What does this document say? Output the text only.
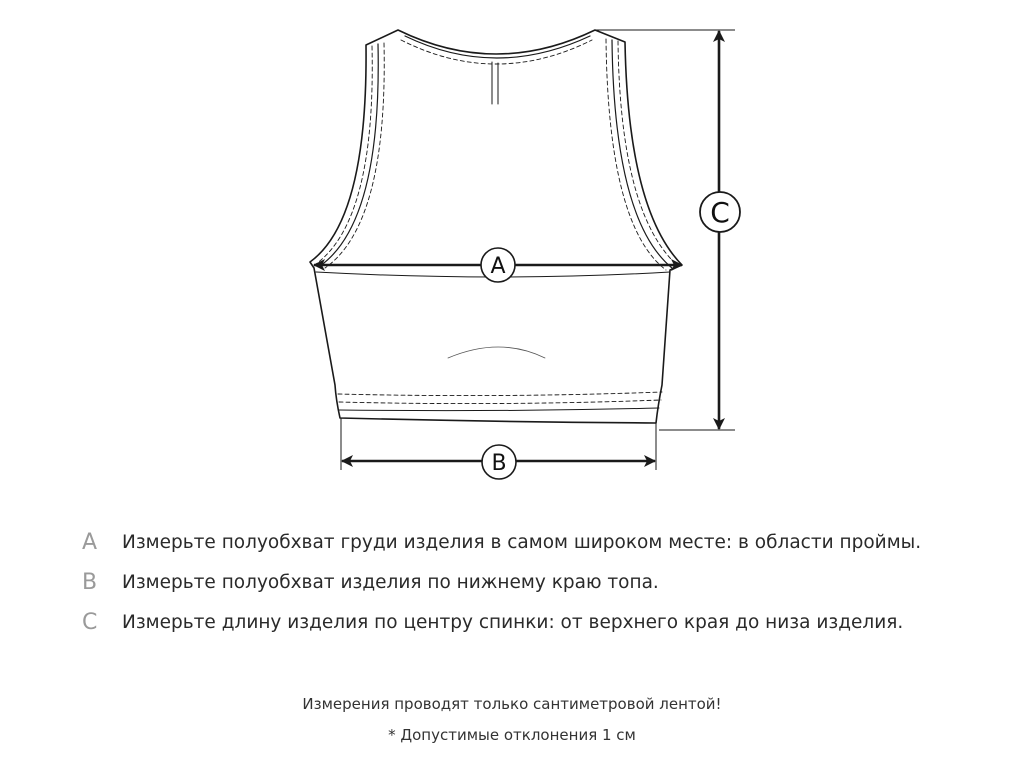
A
B
C
A	Измерьте полуобхват груди изделия в самом широком месте: в области проймы.
B	Измерьте полуобхват изделия по нижнему краю топа.
C	Измерьте длину изделия по центру спинки: от верхнего края до низа изделия.
Измерения проводят только сантиметровой лентой!
* Допустимые отклонения 1 см
